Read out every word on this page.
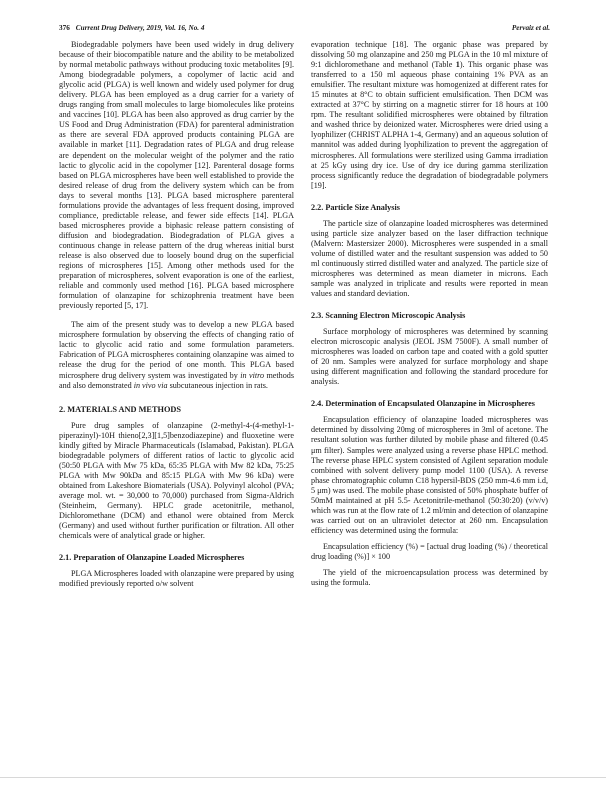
376 Current Drug Delivery, 2019, Vol. 16, No. 4	Pervaiz et al.

Biodegradable polymers have been used widely in drug delivery because of their biocompatible nature and the ability to be metabolized by normal metabolic pathways without producing toxic metabolites [9]. Among biodegradable polymers, a copolymer of lactic acid and glycolic acid (PLGA) is well known and widely used polymer for drug delivery. PLGA has been employed as a drug carrier for a variety of drugs ranging from small molecules to large biomolecules like proteins and vaccines [10]. PLGA has been also approved as drug carrier by the US Food and Drug Administration (FDA) for parenteral administration as there are several FDA approved products containing PLGA are available in market [11]. Degradation rates of PLGA and drug release are dependent on the molecular weight of the polymer and the ratio lactic to glycolic acid in the copolymer [12]. Parenteral dosage forms based on PLGA microspheres have been well established to provide the desired release of drug from the delivery system which can be from days to several months [13]. PLGA based microsphere parenteral formulations provide the advantages of less frequent dosing, improved compliance, predictable release, and fewer side effects [14]. PLGA based microspheres provide a biphasic release pattern consisting of diffusion and biodegradation. Biodegradation of PLGA gives a continuous change in release pattern of the drug whereas initial burst release is also observed due to loosely bound drug on the superficial regions of microspheres [15]. Among other methods used for the preparation of microspheres, solvent evaporation is one of the earliest, reliable and commonly used method [16]. PLGA based microsphere formulation of olanzapine for schizophrenia treatment have been previously reported [5, 17].

The aim of the present study was to develop a new PLGA based microsphere formulation by observing the effects of changing ratio of lactic to glycolic acid ratio and some formulation parameters. Fabrication of PLGA microspheres containing olanzapine was aimed to release the drug for the period of one month. This PLGA based microsphere drug delivery system was investigated by in vitro methods and also demonstrated in vivo via subcutaneous injection in rats.

2. MATERIALS AND METHODS

Pure drug samples of olanzapine (2-methyl-4-(4-methyl-1-piperazinyl)-10H thieno[2,3][1,5]benzodiazepine) and fluoxetine were kindly gifted by Miracle Pharmaceuticals (Islamabad, Pakistan). PLGA biodegradable polymers of different ratios of lactic to glycolic acid (50:50 PLGA with Mw 75 kDa, 65:35 PLGA with Mw 82 kDa, 75:25 PLGA with Mw 90kDa and 85:15 PLGA with Mw 96 kDa) were obtained from Lakeshore Biomaterials (USA). Polyvinyl alcohol (PVA; average mol. wt. = 30,000 to 70,000) purchased from Sigma-Aldrich (Steinheim, Germany). HPLC grade acetonitrile, methanol, Dichloromethane (DCM) and ethanol were obtained from Merck (Germany) and used without further purification or filtration. All other chemicals were of analytical grade or higher.

2.1. Preparation of Olanzapine Loaded Microspheres

PLGA Microspheres loaded with olanzapine were prepared by using modified previously reported o/w solvent

evaporation technique [18]. The organic phase was prepared by dissolving 50 mg olanzapine and 250 mg PLGA in the 10 ml mixture of 9:1 dichloromethane and methanol (Table 1). This organic phase was transferred to a 150 ml aqueous phase containing 1% PVA as an emulsifier. The resultant mixture was homogenized at different rates for 15 minutes at 8°C to obtain sufficient emulsification. Then DCM was extracted at 37°C by stirring on a magnetic stirrer for 18 hours at 100 rpm. The resultant solidified microspheres were obtained by filtration and washed thrice by deionized water. Microspheres were dried using a lyophilizer (CHRIST ALPHA 1-4, Germany) and an aqueous solution of mannitol was added during lyophilization to prevent the aggregation of microspheres. All formulations were sterilized using Gamma irradiation at 25 kGy using dry ice. Use of dry ice during gamma sterilization process significantly reduce the degradation of biodegradable polymers [19].

2.2. Particle Size Analysis

The particle size of olanzapine loaded microspheres was determined using particle size analyzer based on the laser diffraction technique (Malvern: Mastersizer 2000). Microspheres were suspended in a small volume of distilled water and the resultant suspension was added to 50 ml continuously stirred distilled water and analyzed. The particle size of microspheres was determined as mean diameter in microns. Each sample was analyzed in triplicate and results were reported in mean values and standard deviation.

2.3. Scanning Electron Microscopic Analysis

Surface morphology of microspheres was determined by scanning electron microscopic analysis (JEOL JSM 7500F). A small number of microspheres was loaded on carbon tape and coated with a gold sputter of 20 nm. Samples were analyzed for surface morphology and shape using different magnification and following the standard procedure for analysis.

2.4. Determination of Encapsulated Olanzapine in Microspheres

Encapsulation efficiency of olanzapine loaded microspheres was determined by dissolving 20mg of microspheres in 3ml of acetone. The resultant solution was further diluted by mobile phase and filtered (0.45 μm filter). Samples were analyzed using a reverse phase HPLC method. The reverse phase HPLC system consisted of Agilent separation module combined with solvent delivery pump model 1100 (USA). A reverse phase chromatographic column C18 hypersil-BDS (250 mm-4.6 mm i.d, 5 μm) was used. The mobile phase consisted of 50% phosphate buffer of 50mM maintained at pH 5.5- Acetonitrile-methanol (50:30:20) (v/v/v) which was run at the flow rate of 1.2 ml/min and detection of olanzapine was carried out on an ultraviolet detector at 260 nm. Encapsulation efficiency was determined using the formula:

Encapsulation efficiency (%) = [actual drug loading (%) / theoretical drug loading (%)] × 100

The yield of the microencapsulation process was determined by using the formula.
